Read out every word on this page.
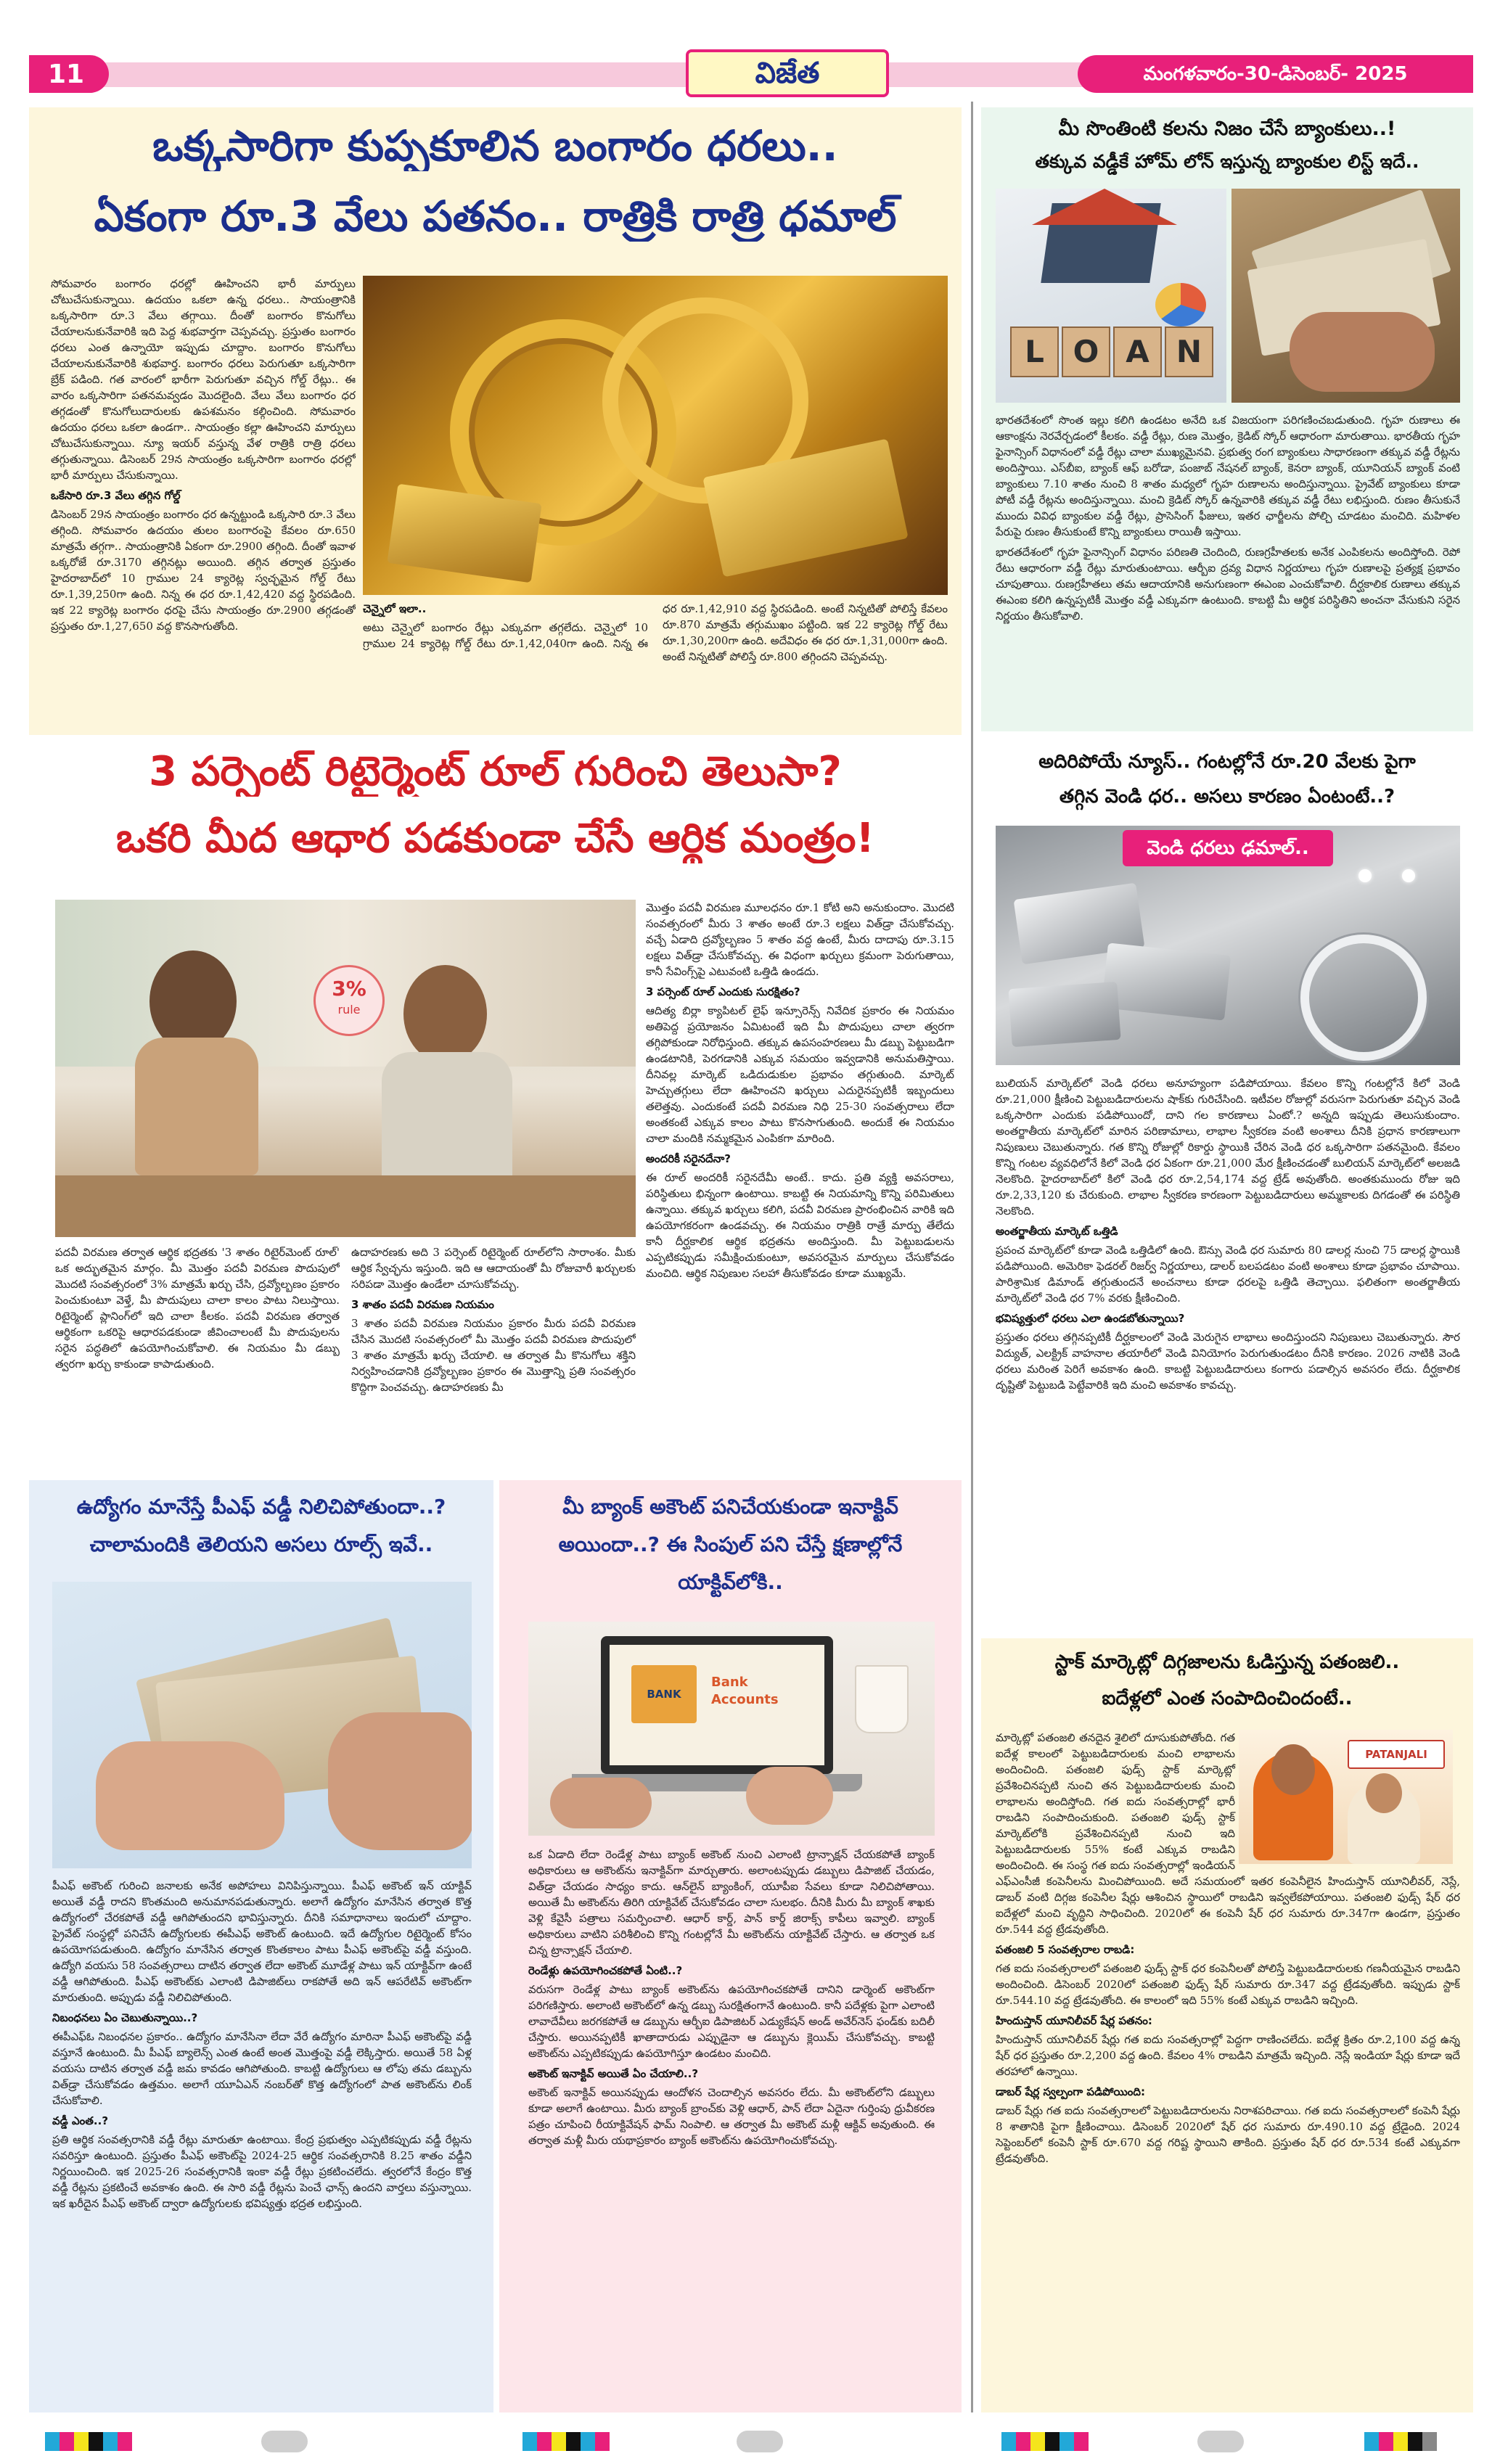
11	విజేత	మంగళవారం-30-డిసెంబర్- 2025
ఒక్కసారిగా కుప్పకూలిన బంగారం ధరలు..
ఏకంగా రూ.3 వేలు పతనం.. రాత్రికి రాత్రి ధమాల్

సోమవారం బంగారం ధరల్లో ఊహించని భారీ మార్పులు చోటుచేసుకున్నాయి. ఉదయం ఒకలా ఉన్న ధరలు.. సాయంత్రానికి ఒక్కసారిగా రూ.3 వేలు తగ్గాయి. దీంతో బంగారం కొనుగోలు చేయాలనుకునేవారికి ఇది పెద్ద శుభవార్తగా చెప్పవచ్చు. ప్రస్తుతం బంగారం ధరలు ఎంత ఉన్నాయో ఇప్పుడు చూద్దాం. బంగారం కొనుగోలు చేయాలనుకునేవారికి శుభవార్త. బంగారం ధరలు పెరుగుతూ ఒక్కసారిగా బ్రేక్ పడింది. గత వారంలో భారీగా పెరుగుతూ వచ్చిన గోల్డ్ రేట్లు.. ఈ వారం ఒక్కసారిగా పతనమవ్వడం మొదలైంది. వేలు వేలు బంగారం ధర తగ్గడంతో కొనుగోలుదారులకు ఉపశమనం కల్గించింది. సోమవారం ఉదయం ధరలు ఒకలా ఉండగా.. సాయంత్రం కల్లా ఊహించని మార్పులు చోటుచేసుకున్నాయి. న్యూ ఇయర్ వస్తున్న వేళ రాత్రికి రాత్రి ధరలు తగ్గుతున్నాయి. డిసెంబర్ 29న సాయంత్రం ఒక్కసారిగా బంగారం ధరల్లో భారీ మార్పులు చేసుకున్నాయి.

ఒకేసారి రూ.3 వేలు తగ్గిన గోల్డ్

డిసెంబర్ 29న సాయంత్రం బంగారం ధర ఉన్నట్టుండి ఒక్కసారి రూ.3 వేలు తగ్గింది. సోమవారం ఉదయం తులం బంగారంపై కేవలం రూ.650 మాత్రమే తగ్గగా.. సాయంత్రానికి ఏకంగా రూ.2900 తగ్గింది. దీంతో ఇవాళ ఒక్కరోజే రూ.3170 తగ్గినట్లు అయింది. తగ్గిన తర్వాత ప్రస్తుతం హైదరాబాద్‌లో 10 గ్రాముల 24 క్యారెట్ల స్వచ్ఛమైన గోల్డ్ రేటు రూ.1,39,250గా ఉంది. నిన్న ఈ ధర రూ.1,42,420 వద్ద స్థిరపడింది. ఇక 22 క్యారెట్ల బంగారం ధరపై చేసు సాయంత్రం రూ.2900 తగ్గడంతో ప్రస్తుతం రూ.1,27,650 వద్ద కొనసాగుతోంది.

చెన్నైలో ఇలా..

అటు చెన్నైలో బంగారం రేట్లు ఎక్కువగా తగ్గలేదు. చెన్నైలో 10 గ్రాముల 24 క్యారెట్ల గోల్డ్ రేటు రూ.1,42,040గా ఉంది. నిన్న ఈ ధర రూ.1,42,910 వద్ద స్థిరపడింది. అంటే నిన్నటితో పోలిస్తే కేవలం రూ.870 మాత్రమే తగ్గుముఖం పట్టింది. ఇక 22 క్యారెట్ల గోల్డ్ రేటు రూ.1,30,200గా ఉంది. అదేవిధం ఈ ధర రూ.1,31,000గా ఉంది. అంటే నిన్నటితో పోలిస్తే రూ.800 తగ్గిందని చెప్పవచ్చు.

3 పర్సెంట్ రిటైర్మెంట్ రూల్ గురించి తెలుసా?
ఒకరి మీద ఆధార పడకుండా చేసే ఆర్థిక మంత్రం!
3%
rule

మొత్తం పదవీ విరమణ మూలధనం రూ.1 కోటి అని అనుకుందాం. మొదటి సంవత్సరంలో మీరు 3 శాతం అంటే రూ.3 లక్షలు విత్‌డ్రా చేసుకోవచ్చు. వచ్చే ఏడాది ద్రవ్యోల్బణం 5 శాతం వద్ద ఉంటే, మీరు దాదాపు రూ.3.15 లక్షలు విత్‌డ్రా చేసుకోవచ్చు. ఈ విధంగా ఖర్చులు క్రమంగా పెరుగుతాయి, కానీ సేవింగ్స్‌పై ఎటువంటి ఒత్తిడి ఉండదు.

3 పర్సెంట్ రూల్ ఎందుకు సురక్షితం?

ఆదిత్య బిర్లా క్యాపిటల్ లైఫ్ ఇన్సూరెన్స్ నివేదిక ప్రకారం ఈ నియమం అతిపెద్ద ప్రయోజనం ఏమిటంటే ఇది మీ పొదుపులు చాలా త్వరగా తగ్గిపోకుండా నిరోధిస్తుంది. తక్కువ ఉపసంహరణలు మీ డబ్బు పెట్టుబడిగా ఉండటానికి, పెరగడానికి ఎక్కువ సమయం ఇవ్వడానికి అనుమతిస్తాయి. దీనివల్ల మార్కెట్ ఒడిదుడుకుల ప్రభావం తగ్గుతుంది. మార్కెట్ హెచ్చుతగ్గులు లేదా ఊహించని ఖర్చులు ఎదురైనప్పటికీ ఇబ్బందులు తలెత్తవు. ఎందుకంటే పదవీ విరమణ నిధి 25-30 సంవత్సరాలు లేదా అంతకంటే ఎక్కువ కాలం పాటు కొనసాగుతుంది. అందుకే ఈ నియమం చాలా మందికి నమ్మకమైన ఎంపికగా మారింది.

అందరికీ సరైనదేనా?

ఈ రూల్ అందరికీ సరైనదేమీ అంటే.. కాదు. ప్రతి వ్యక్తి అవసరాలు, పరిస్థితులు భిన్నంగా ఉంటాయి. కాబట్టి ఈ నియమాన్ని కొన్ని పరిమితులు ఉన్నాయి. తక్కువ ఖర్చులు కలిగి, పదవీ విరమణ ప్రారంభించిన వారికి ఇది ఉపయోగకరంగా ఉండవచ్చు. ఈ నియమం రాత్రికి రాత్రే మార్పు తేలేదు కానీ దీర్ఘకాలిక ఆర్థిక భద్రతను అందిస్తుంది. మీ పెట్టుబడులను ఎప్పటికప్పుడు సమీక్షించుకుంటూ, అవసరమైన మార్పులు చేసుకోవడం మంచిది. ఆర్థిక నిపుణుల సలహా తీసుకోవడం కూడా ముఖ్యమే.

పదవీ విరమణ తర్వాత ఆర్థిక భద్రతకు '3 శాతం రిటైర్‌మెంట్ రూల్' ఒక అద్భుతమైన మార్గం. మీ మొత్తం పదవీ విరమణ పొదుపులో మొదటి సంవత్సరంలో 3% మాత్రమే ఖర్చు చేసి, ద్రవ్యోల్బణం ప్రకారం పెంచుకుంటూ వెళ్తే, మీ పొదుపులు చాలా కాలం పాటు నిలుస్తాయి. రిటైర్మెంట్ ప్లానింగ్‌లో ఇది చాలా కీలకం. పదవీ విరమణ తర్వాత ఆర్థికంగా ఒకరిపై ఆధారపడకుండా జీవించాలంటే మీ పొదుపులను సరైన పద్ధతిలో ఉపయోగించుకోవాలి. ఈ నియమం మీ డబ్బు త్వరగా ఖర్చు కాకుండా కాపాడుతుంది.

ఉదాహరణకు అది 3 పర్సెంట్ రిటైర్మెంట్ రూల్‌లోని సారాంశం. మీకు ఆర్థిక స్వేచ్ఛను ఇస్తుంది. ఇది ఆ ఆదాయంతో మీ రోజువారీ ఖర్చులకు సరిపడా మొత్తం ఉండేలా చూసుకోవచ్చు.

3 శాతం పదవీ విరమణ నియమం

3 శాతం పదవీ విరమణ నియమం ప్రకారం మీరు పదవీ విరమణ చేసిన మొదటి సంవత్సరంలో మీ మొత్తం పదవీ విరమణ పొదుపులో 3 శాతం మాత్రమే ఖర్చు చేయాలి. ఆ తర్వాత మీ కొనుగోలు శక్తిని నిర్వహించడానికి ద్రవ్యోల్బణం ప్రకారం ఈ మొత్తాన్ని ప్రతి సంవత్సరం కొద్దిగా పెంచవచ్చు. ఉదాహరణకు మీ

ఉద్యోగం మానేస్తే పీఎఫ్ వడ్డీ నిలిచిపోతుందా..?
చాలామందికి తెలియని అసలు రూల్స్ ఇవే..

పీఎఫ్ అకౌంట్ గురించి జనాలకు అనేక అపోహలు వినిపిస్తున్నాయి. పీఎఫ్ అకౌంట్ ఇన్ యాక్టివ్ అయితే వడ్డీ రాదని కొంతమంది అనుమానపడుతున్నారు. అలాగే ఉద్యోగం మానేసిన తర్వాత కొత్త ఉద్యోగంలో చేరకపోతే వడ్డీ ఆగిపోతుందని భావిస్తున్నారు. దీనికి సమాధానాలు ఇందులో చూద్దాం. ప్రైవేట్ సంస్థల్లో పనిచేసే ఉద్యోగులకు ఈపీఎఫ్ అకౌంట్ ఉంటుంది. ఇదే ఉద్యోగుల రిటైర్మెంట్ కోసం ఉపయోగపడుతుంది. ఉద్యోగం మానేసిన తర్వాత కొంతకాలం పాటు పీఎఫ్ అకౌంట్‌పై వడ్డీ వస్తుంది. ఉద్యోగి వయసు 58 సంవత్సరాలు దాటిన తర్వాత లేదా అకౌంట్ మూడేళ్ల పాటు ఇన్ యాక్టివ్‌గా ఉంటే వడ్డీ ఆగిపోతుంది. పీఎఫ్ అకౌంట్‌కు ఎలాంటి డిపాజిట్‌లు రాకపోతే అది ఇన్ ఆపరేటివ్ అకౌంట్‌గా మారుతుంది. అప్పుడు వడ్డీ నిలిచిపోతుంది.

నిబంధనలు ఏం చెబుతున్నాయి..?

ఈపీఎఫ్‌ఓ నిబంధనల ప్రకారం.. ఉద్యోగం మానేసినా లేదా వేరే ఉద్యోగం మారినా పీఎఫ్ అకౌంట్‌పై వడ్డీ వస్తూనే ఉంటుంది. మీ పీఎఫ్ బ్యాలెన్స్ ఎంత ఉంటే అంత మొత్తంపై వడ్డీ లెక్కిస్తారు. అయితే 58 ఏళ్ల వయసు దాటిన తర్వాత వడ్డీ జమ కావడం ఆగిపోతుంది. కాబట్టి ఉద్యోగులు ఆ లోపు తమ డబ్బును విత్‌డ్రా చేసుకోవడం ఉత్తమం. అలాగే యూఏఎన్ నంబర్‌తో కొత్త ఉద్యోగంలో పాత అకౌంట్‌ను లింక్ చేసుకోవాలి.

వడ్డీ ఎంత..?

ప్రతి ఆర్థిక సంవత్సరానికి వడ్డీ రేట్లు మారుతూ ఉంటాయి. కేంద్ర ప్రభుత్వం ఎప్పటికప్పుడు వడ్డీ రేట్లను సవరిస్తూ ఉంటుంది. ప్రస్తుతం పీఎఫ్ అకౌంట్‌పై 2024-25 ఆర్థిక సంవత్సరానికి 8.25 శాతం వడ్డీని నిర్ణయించింది. ఇక 2025-26 సంవత్సరానికి ఇంకా వడ్డీ రేట్లు ప్రకటించలేదు. త్వరలోనే కేంద్రం కొత్త వడ్డీ రేట్లను ప్రకటించే అవకాశం ఉంది. ఈ సారి వడ్డీ రేట్లను పెంచే ఛాన్స్ ఉందని వార్తలు వస్తున్నాయి. ఇక ఖరీదైన పీఎఫ్ అకౌంట్ ద్వారా ఉద్యోగులకు భవిష్యత్తు భద్రత లభిస్తుంది.

మీ బ్యాంక్ అకౌంట్ పనిచేయకుండా ఇనాక్టివ్
అయిందా..? ఈ సింపుల్ పని చేస్తే క్షణాల్లోనే
యాక్టివ్‌లోకి..
BANK
Bank Accounts

ఒక ఏడాది లేదా రెండేళ్ల పాటు బ్యాంక్ అకౌంట్ నుంచి ఎలాంటి ట్రాన్సాక్షన్ చేయకపోతే బ్యాంక్ అధికారులు ఆ అకౌంట్‌ను ఇనాక్టివ్‌గా మార్చుతారు. అలాంటప్పుడు డబ్బులు డిపాజిట్ చేయడం, విత్‌డ్రా చేయడం సాధ్యం కాదు. ఆన్‌లైన్ బ్యాంకింగ్, యూపీఐ సేవలు కూడా నిలిచిపోతాయి. అయితే మీ అకౌంట్‌ను తిరిగి యాక్టివేట్ చేసుకోవడం చాలా సులభం. దీనికి మీరు మీ బ్యాంక్ శాఖకు వెళ్లి కేవైసీ పత్రాలు సమర్పించాలి. ఆధార్ కార్డ్, పాన్ కార్డ్ జిరాక్స్ కాపీలు ఇవ్వాలి. బ్యాంక్ అధికారులు వాటిని పరిశీలించి కొన్ని గంటల్లోనే మీ అకౌంట్‌ను యాక్టివేట్ చేస్తారు. ఆ తర్వాత ఒక చిన్న ట్రాన్సాక్షన్ చేయాలి.

రెండేళ్లు ఉపయోగించకపోతే ఏంటి..?

వరుసగా రెండేళ్ల పాటు బ్యాంక్ అకౌంట్‌ను ఉపయోగించకపోతే దానిని డార్మెంట్ అకౌంట్‌గా పరిగణిస్తారు. అలాంటి అకౌంట్‌లో ఉన్న డబ్బు సురక్షితంగానే ఉంటుంది. కానీ పదేళ్లకు పైగా ఎలాంటి లావాదేవీలు జరగకపోతే ఆ డబ్బును ఆర్బీఐ డిపాజిటర్ ఎడ్యుకేషన్ అండ్ అవేర్‌నెస్ ఫండ్‌కు బదిలీ చేస్తారు. అయినప్పటికీ ఖాతాదారుడు ఎప్పుడైనా ఆ డబ్బును క్లెయిమ్ చేసుకోవచ్చు. కాబట్టి అకౌంట్‌ను ఎప్పటికప్పుడు ఉపయోగిస్తూ ఉండటం మంచిది.

అకౌంట్ ఇనాక్టివ్ అయితే ఏం చేయాలి..?

అకౌంట్ ఇనాక్టివ్ అయినప్పుడు ఆందోళన చెందాల్సిన అవసరం లేదు. మీ అకౌంట్‌లోని డబ్బులు కూడా అలాగే ఉంటాయి. మీరు బ్యాంక్ బ్రాంచ్‌కు వెళ్లి ఆధార్, పాన్ లేదా ఏదైనా గుర్తింపు ధ్రువీకరణ పత్రం చూపించి రీయాక్టివేషన్ ఫామ్ నింపాలి. ఆ తర్వాత మీ అకౌంట్ మళ్లీ ఆక్టివ్ అవుతుంది. ఈ తర్వాత మళ్లీ మీరు యథాప్రకారం బ్యాంక్ అకౌంట్‌ను ఉపయోగించుకోవచ్చు.

మీ సొంతింటి కలను నిజం చేసే బ్యాంకులు..!
తక్కువ వడ్డీకే హోమ్ లోన్ ఇస్తున్న బ్యాంకుల లిస్ట్ ఇదే..
L O A N

భారతదేశంలో సొంత ఇల్లు కలిగి ఉండటం అనేది ఒక విజయంగా పరిగణించబడుతుంది. గృహ రుణాలు ఈ ఆకాంక్షను నెరవేర్చడంలో కీలకం. వడ్డీ రేట్లు, రుణ మొత్తం, క్రెడిట్ స్కోర్ ఆధారంగా మారుతాయి. భారతీయ గృహ ఫైనాన్సింగ్ విధానంలో వడ్డీ రేట్లు చాలా ముఖ్యమైనవి. ప్రభుత్వ రంగ బ్యాంకులు సాధారణంగా తక్కువ వడ్డీ రేట్లను అందిస్తాయి. ఎస్‌బీఐ, బ్యాంక్ ఆఫ్ బరోడా, పంజాబ్ నేషనల్ బ్యాంక్, కెనరా బ్యాంక్, యూనియన్ బ్యాంక్ వంటి బ్యాంకులు 7.10 శాతం నుంచి 8 శాతం మధ్యలో గృహ రుణాలను అందిస్తున్నాయి. ప్రైవేట్ బ్యాంకులు కూడా పోటీ వడ్డీ రేట్లను అందిస్తున్నాయి. మంచి క్రెడిట్ స్కోర్ ఉన్నవారికి తక్కువ వడ్డీ రేటు లభిస్తుంది. రుణం తీసుకునే ముందు వివిధ బ్యాంకుల వడ్డీ రేట్లు, ప్రాసెసింగ్ ఫీజులు, ఇతర ఛార్జీలను పోల్చి చూడటం మంచిది. మహిళల పేరుపై రుణం తీసుకుంటే కొన్ని బ్యాంకులు రాయితీ ఇస్తాయి.

భారతదేశంలో గృహ ఫైనాన్సింగ్ విధానం పరిణతి చెందింది, రుణగ్రహీతలకు అనేక ఎంపికలను అందిస్తోంది. రెపో రేటు ఆధారంగా వడ్డీ రేట్లు మారుతుంటాయి. ఆర్బీఐ ద్రవ్య విధాన నిర్ణయాలు గృహ రుణాలపై ప్రత్యక్ష ప్రభావం చూపుతాయి. రుణగ్రహీతలు తమ ఆదాయానికి అనుగుణంగా ఈఎంఐ ఎంచుకోవాలి. దీర్ఘకాలిక రుణాలు తక్కువ ఈఎంఐ కలిగి ఉన్నప్పటికీ మొత్తం వడ్డీ ఎక్కువగా ఉంటుంది. కాబట్టి మీ ఆర్థిక పరిస్థితిని అంచనా వేసుకుని సరైన నిర్ణయం తీసుకోవాలి.

అదిరిపోయే న్యూస్.. గంటల్లోనే రూ.20 వేలకు పైగా
తగ్గిన వెండి ధర.. అసలు కారణం ఏంటంటే..?
వెండి ధరలు ఢమాల్..

బులియన్ మార్కెట్‌లో వెండి ధరలు అనూహ్యంగా పడిపోయాయి. కేవలం కొన్ని గంటల్లోనే కిలో వెండి రూ.21,000 క్షీణించి పెట్టుబడిదారులను షాక్‌కు గురిచేసింది. ఇటీవల రోజుల్లో వరుసగా పెరుగుతూ వచ్చిన వెండి ఒక్కసారిగా ఎందుకు పడిపోయిందో, దాని గల కారణాలు ఏంటో.? అన్నది ఇప్పుడు తెలుసుకుందాం. అంతర్జాతీయ మార్కెట్‌లో మారిన పరిణామాలు, లాభాల స్వీకరణ వంటి అంశాలు దీనికి ప్రధాన కారణాలుగా నిపుణులు చెబుతున్నారు. గత కొన్ని రోజుల్లో రికార్డు స్థాయికి చేరిన వెండి ధర ఒక్కసారిగా పతనమైంది. కేవలం కొన్ని గంటల వ్యవధిలోనే కిలో వెండి ధర ఏకంగా రూ.21,000 మేర క్షీణించడంతో బులియన్ మార్కెట్‌లో అలజడి నెలకొంది. హైదరాబాద్‌లో కిలో వెండి ధర రూ.2,54,174 వద్ద ట్రేడ్ అవుతోంది. అంతకుముందు రోజు ఇది రూ.2,33,120 కు చేరుకుంది. లాభాల స్వీకరణ కారణంగా పెట్టుబడిదారులు అమ్మకాలకు దిగడంతో ఈ పరిస్థితి నెలకొంది.

అంతర్జాతీయ మార్కెట్ ఒత్తిడి

ప్రపంచ మార్కెట్‌లో కూడా వెండి ఒత్తిడిలో ఉంది. ఔన్సు వెండి ధర సుమారు 80 డాలర్ల నుంచి 75 డాలర్ల స్థాయికి పడిపోయింది. అమెరికా ఫెడరల్ రిజర్వ్ నిర్ణయాలు, డాలర్ బలపడటం వంటి అంశాలు కూడా ప్రభావం చూపాయి. పారిశ్రామిక డిమాండ్ తగ్గుతుందనే అంచనాలు కూడా ధరలపై ఒత్తిడి తెచ్చాయి. ఫలితంగా అంతర్జాతీయ మార్కెట్‌లో వెండి ధర 7% వరకు క్షీణించింది.

భవిష్యత్తులో ధరలు ఎలా ఉండబోతున్నాయి?

ప్రస్తుతం ధరలు తగ్గినప్పటికీ దీర్ఘకాలంలో వెండి మెరుగైన లాభాలు అందిస్తుందని నిపుణులు చెబుతున్నారు. సౌర విద్యుత్, ఎలక్ట్రిక్ వాహనాల తయారీలో వెండి వినియోగం పెరుగుతుండటం దీనికి కారణం. 2026 నాటికి వెండి ధరలు మరింత పెరిగే అవకాశం ఉంది. కాబట్టి పెట్టుబడిదారులు కంగారు పడాల్సిన అవసరం లేదు. దీర్ఘకాలిక దృష్టితో పెట్టుబడి పెట్టేవారికి ఇది మంచి అవకాశం కావచ్చు.

స్టాక్ మార్కెట్లో దిగ్గజాలను ఓడిస్తున్న పతంజలి..
ఐదేళ్లలో ఎంత సంపాదించిందంటే..
PATANJALI

మార్కెట్లో పతంజలి తనదైన శైలిలో దూసుకుపోతోంది. గత ఐదేళ్ల కాలంలో పెట్టుబడిదారులకు మంచి లాభాలను అందించింది. పతంజలి ఫుడ్స్ స్టాక్ మార్కెట్లో ప్రవేశించినప్పటి నుంచి తన పెట్టుబడిదారులకు మంచి లాభాలను అందిస్తోంది. గత ఐదు సంవత్సరాల్లో భారీ రాబడిని సంపాదించుకుంది. పతంజలి ఫుడ్స్ స్టాక్ మార్కెట్‌లోకి ప్రవేశించినప్పటి నుంచి ఇది పెట్టుబడిదారులకు 55% కంటే ఎక్కువ రాబడిని అందించింది. ఈ సంస్థ గత ఐదు సంవత్సరాల్లో ఇండియన్ ఎఫ్ఎంసీజీ కంపెనీలను మించిపోయింది. అదే సమయంలో ఇతర కంపెనీలైన హిందుస్తాన్ యూనిలీవర్, నెస్లే, డాబర్ వంటి దిగ్గజ కంపెనీల షేర్లు ఆశించిన స్థాయిలో రాబడిని ఇవ్వలేకపోయాయి. పతంజలి ఫుడ్స్ షేర్ ధర ఐదేళ్లలో మంచి వృద్ధిని సాధించింది. 2020లో ఈ కంపెనీ షేర్ ధర సుమారు రూ.347గా ఉండగా, ప్రస్తుతం రూ.544 వద్ద ట్రేడవుతోంది.

పతంజలి 5 సంవత్సరాల రాబడి:

గత ఐదు సంవత్సరాలలో పతంజలి ఫుడ్స్ స్టాక్ ధర కంపెనీలతో పోలిస్తే పెట్టుబడిదారులకు గణనీయమైన రాబడిని అందించింది. డిసెంబర్ 2020లో పతంజలి ఫుడ్స్ షేర్ సుమారు రూ.347 వద్ద ట్రేడవుతోంది. ఇప్పుడు స్టాక్ రూ.544.10 వద్ద ట్రేడవుతోంది. ఈ కాలంలో ఇది 55% కంటే ఎక్కువ రాబడిని ఇచ్చింది.

హిందుస్తాన్ యూనిలీవర్ షేర్ల పతనం:

హిందుస్తాన్ యూనిలీవర్ షేర్లు గత ఐదు సంవత్సరాల్లో పెద్దగా రాణించలేదు. ఐదేళ్ల క్రితం రూ.2,100 వద్ద ఉన్న షేర్ ధర ప్రస్తుతం రూ.2,200 వద్ద ఉంది. కేవలం 4% రాబడిని మాత్రమే ఇచ్చింది. నెస్లే ఇండియా షేర్లు కూడా ఇదే తరహాలో ఉన్నాయి.

డాబర్ షేర్ల స్వల్పంగా పడిపోయింది:

డాబర్ షేర్లు గత ఐదు సంవత్సరాలలో పెట్టుబడిదారులను నిరాశపరిచాయి. గత ఐదు సంవత్సరాలలో కంపెనీ షేర్లు 8 శాతానికి పైగా క్షీణించాయి. డిసెంబర్ 2020లో షేర్ ధర సుమారు రూ.490.10 వద్ద ట్రేడైంది. 2024 సెప్టెంబర్‌లో కంపెనీ స్టాక్ రూ.670 వద్ద గరిష్ట స్థాయిని తాకింది. ప్రస్తుతం షేర్ ధర రూ.534 కంటే ఎక్కువగా ట్రేడవుతోంది.
